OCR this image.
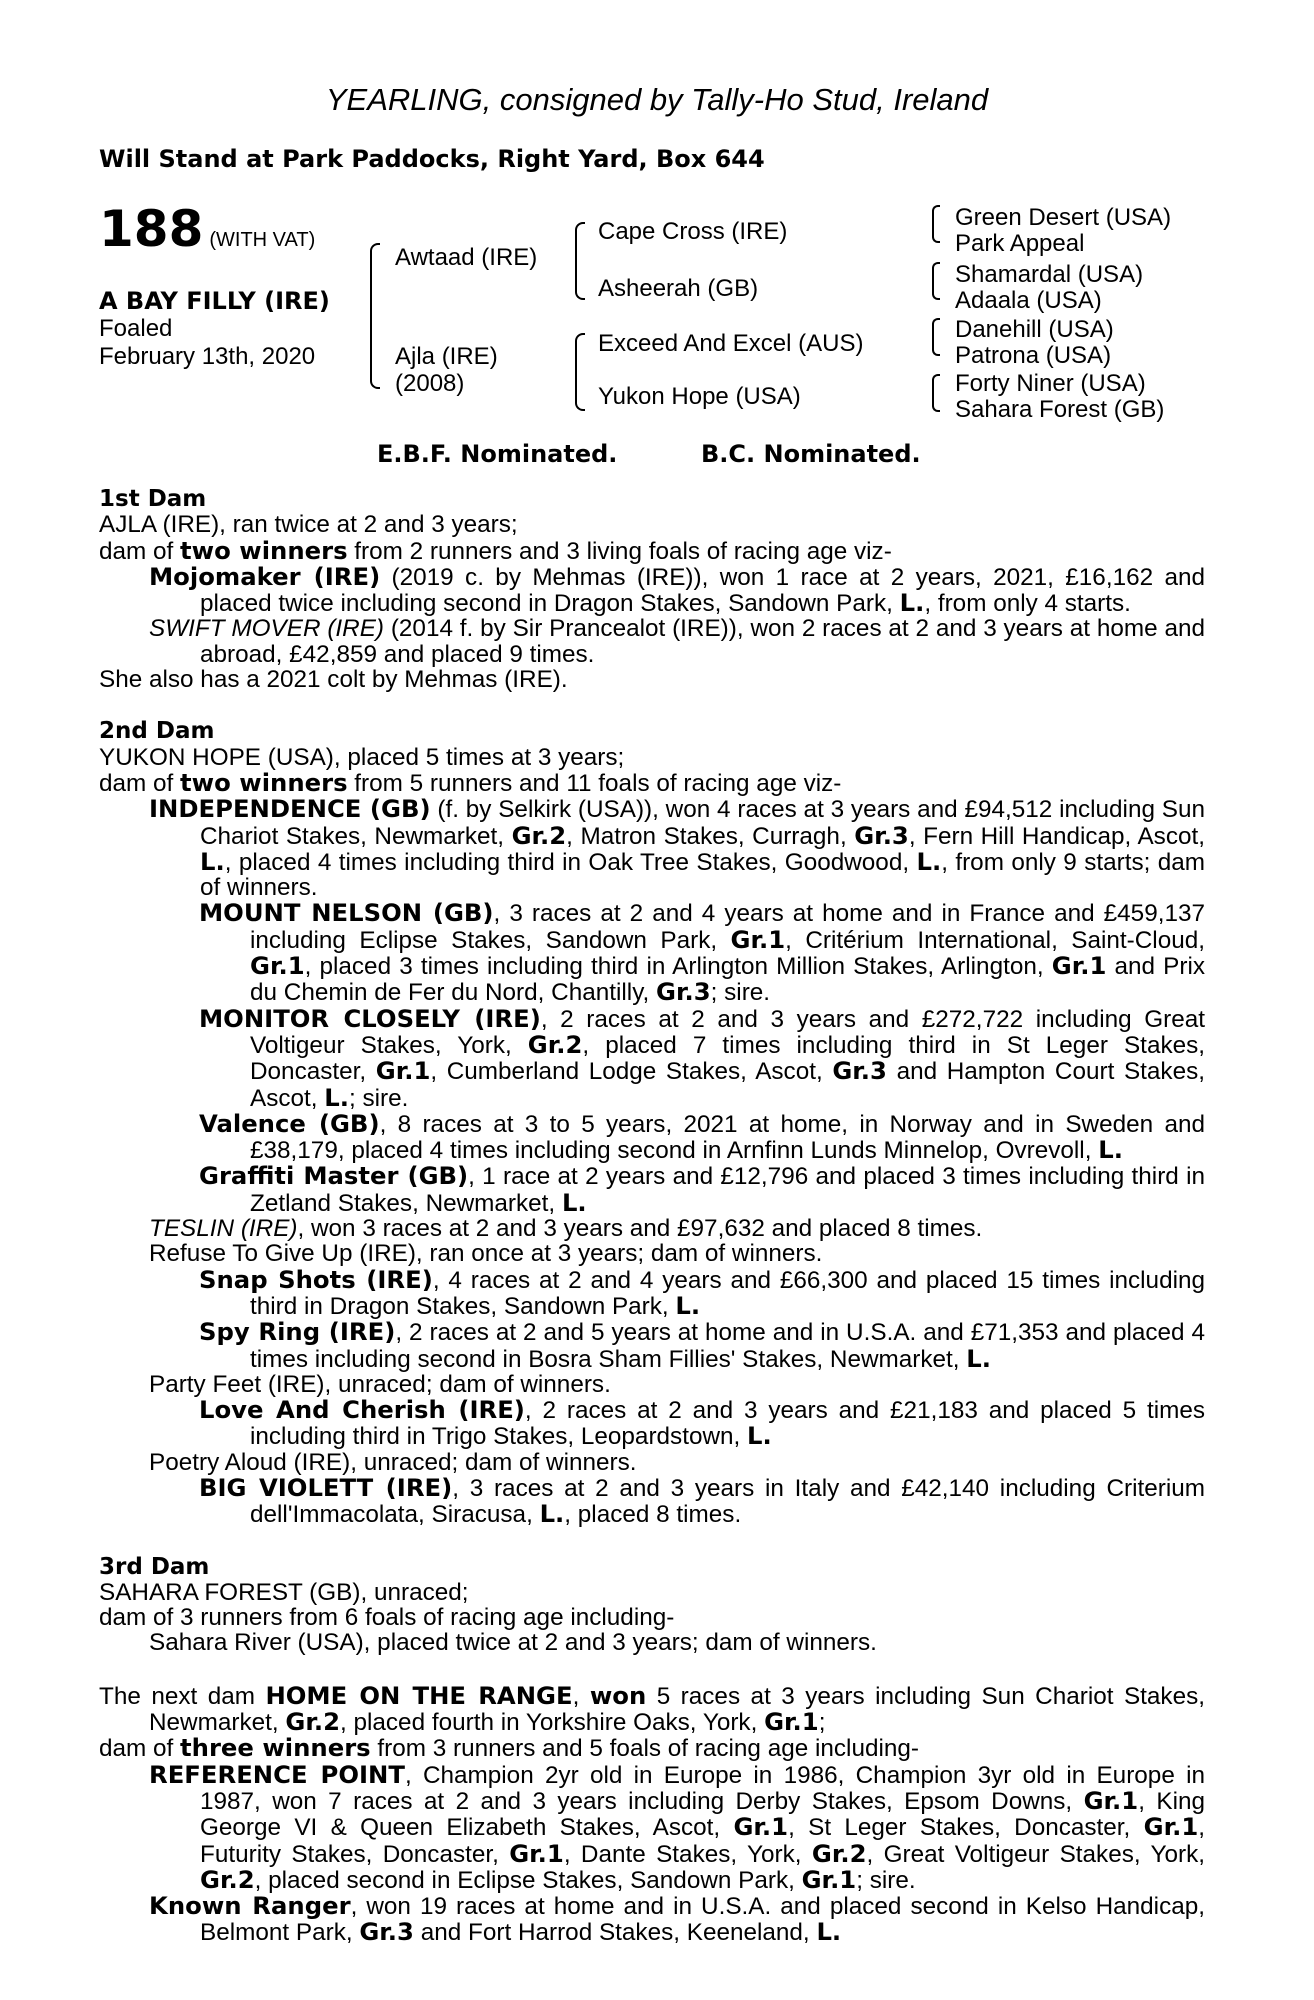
YEARLING, consigned by Tally-Ho Stud, Ireland
Will Stand at Park Paddocks, Right Yard, Box 644
188 (WITH VAT)
A BAY FILLY (IRE)
Foaled
February 13th, 2020
Awtaad (IRE)
Ajla (IRE)
(2008)
Cape Cross (IRE)
Asheerah (GB)
Exceed And Excel (AUS)
Yukon Hope (USA)
Green Desert (USA)
Park Appeal
Shamardal (USA)
Adaala (USA)
Danehill (USA)
Patrona (USA)
Forty Niner (USA)
Sahara Forest (GB)
E.B.F. Nominated.	B.C. Nominated.

1st Dam

AJLA (IRE), ran twice at 2 and 3 years;

dam of two winners from 2 runners and 3 living foals of racing age viz-

Mojomaker (IRE) (2019 c. by Mehmas (IRE)), won 1 race at 2 years, 2021, £16,162 and placed twice including second in Dragon Stakes, Sandown Park, L., from only 4 starts.

SWIFT MOVER (IRE) (2014 f. by Sir Prancealot (IRE)), won 2 races at 2 and 3 years at home and abroad, £42,859 and placed 9 times.

She also has a 2021 colt by Mehmas (IRE).

2nd Dam

YUKON HOPE (USA), placed 5 times at 3 years;

dam of two winners from 5 runners and 11 foals of racing age viz-

INDEPENDENCE (GB) (f. by Selkirk (USA)), won 4 races at 3 years and £94,512 including Sun Chariot Stakes, Newmarket, Gr.2, Matron Stakes, Curragh, Gr.3, Fern Hill Handicap, Ascot, L., placed 4 times including third in Oak Tree Stakes, Goodwood, L., from only 9 starts; dam of winners.

MOUNT NELSON (GB), 3 races at 2 and 4 years at home and in France and £459,137 including Eclipse Stakes, Sandown Park, Gr.1, Critérium International, Saint-Cloud, Gr.1, placed 3 times including third in Arlington Million Stakes, Arlington, Gr.1 and Prix du Chemin de Fer du Nord, Chantilly, Gr.3; sire.

MONITOR CLOSELY (IRE), 2 races at 2 and 3 years and £272,722 including Great Voltigeur Stakes, York, Gr.2, placed 7 times including third in St Leger Stakes, Doncaster, Gr.1, Cumberland Lodge Stakes, Ascot, Gr.3 and Hampton Court Stakes, Ascot, L.; sire.

Valence (GB), 8 races at 3 to 5 years, 2021 at home, in Norway and in Sweden and £38,179, placed 4 times including second in Arnfinn Lunds Minnelop, Ovrevoll, L.

Graffiti Master (GB), 1 race at 2 years and £12,796 and placed 3 times including third in Zetland Stakes, Newmarket, L.

TESLIN (IRE), won 3 races at 2 and 3 years and £97,632 and placed 8 times.

Refuse To Give Up (IRE), ran once at 3 years; dam of winners.

Snap Shots (IRE), 4 races at 2 and 4 years and £66,300 and placed 15 times including third in Dragon Stakes, Sandown Park, L.

Spy Ring (IRE), 2 races at 2 and 5 years at home and in U.S.A. and £71,353 and placed 4 times including second in Bosra Sham Fillies' Stakes, Newmarket, L.

Party Feet (IRE), unraced; dam of winners.

Love And Cherish (IRE), 2 races at 2 and 3 years and £21,183 and placed 5 times including third in Trigo Stakes, Leopardstown, L.

Poetry Aloud (IRE), unraced; dam of winners.

BIG VIOLETT (IRE), 3 races at 2 and 3 years in Italy and £42,140 including Criterium dell'Immacolata, Siracusa, L., placed 8 times.

3rd Dam

SAHARA FOREST (GB), unraced;

dam of 3 runners from 6 foals of racing age including-

Sahara River (USA), placed twice at 2 and 3 years; dam of winners.

The next dam HOME ON THE RANGE, won 5 races at 3 years including Sun Chariot Stakes, Newmarket, Gr.2, placed fourth in Yorkshire Oaks, York, Gr.1;

dam of three winners from 3 runners and 5 foals of racing age including-

REFERENCE POINT, Champion 2yr old in Europe in 1986, Champion 3yr old in Europe in 1987, won 7 races at 2 and 3 years including Derby Stakes, Epsom Downs, Gr.1, King George VI & Queen Elizabeth Stakes, Ascot, Gr.1, St Leger Stakes, Doncaster, Gr.1, Futurity Stakes, Doncaster, Gr.1, Dante Stakes, York, Gr.2, Great Voltigeur Stakes, York, Gr.2, placed second in Eclipse Stakes, Sandown Park, Gr.1; sire.

Known Ranger, won 19 races at home and in U.S.A. and placed second in Kelso Handicap, Belmont Park, Gr.3 and Fort Harrod Stakes, Keeneland, L.
